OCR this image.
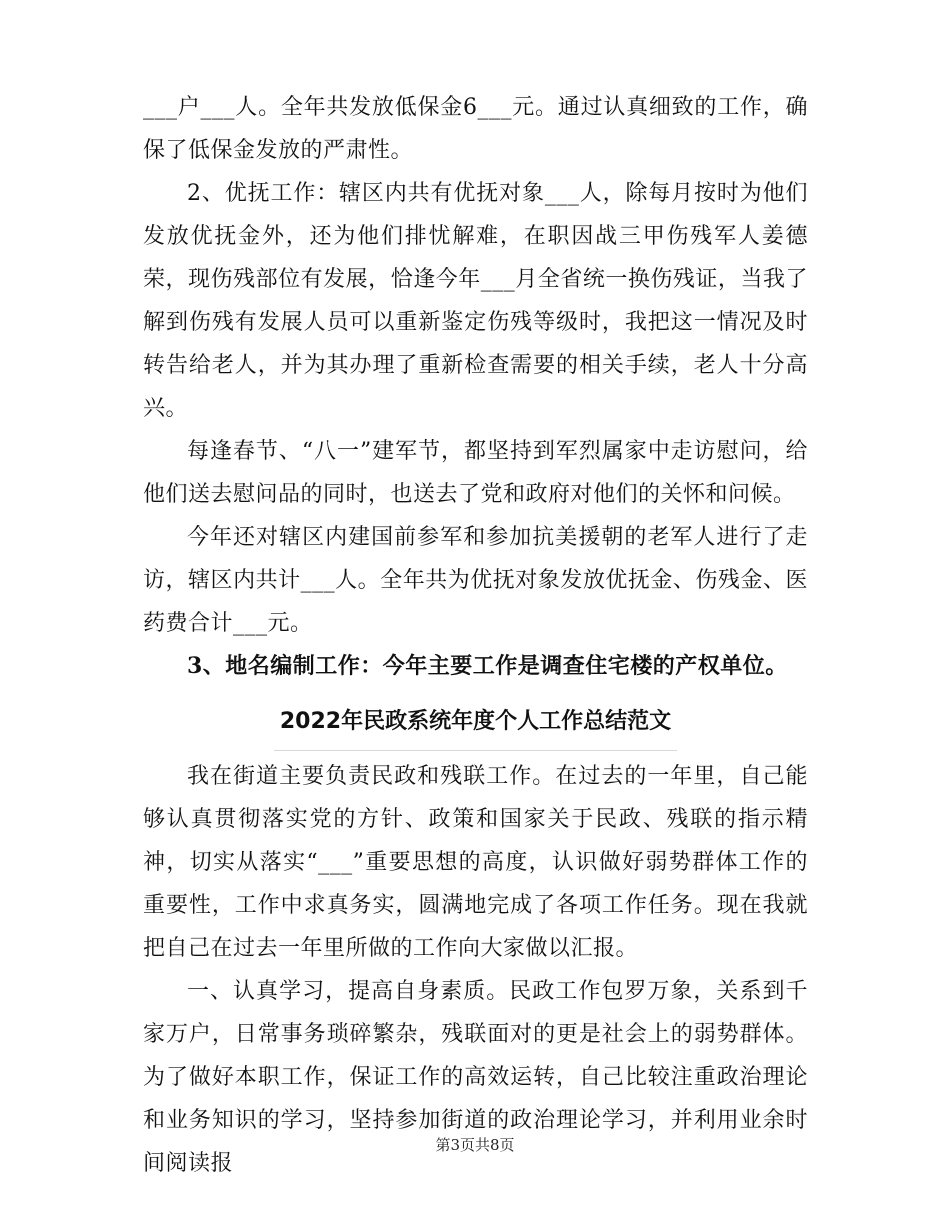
___户___人。全年共发放低保金6___元。通过认真细致的工作，确保了低保金发放的严肃性。

2、优抚工作：辖区内共有优抚对象___人，除每月按时为他们发放优抚金外，还为他们排忧解难，在职因战三甲伤残军人姜德荣，现伤残部位有发展，恰逢今年___月全省统一换伤残证，当我了解到伤残有发展人员可以重新鉴定伤残等级时，我把这一情况及时转告给老人，并为其办理了重新检查需要的相关手续，老人十分高兴。

每逢春节、“八一”建军节，都坚持到军烈属家中走访慰问，给他们送去慰问品的同时，也送去了党和政府对他们的关怀和问候。

今年还对辖区内建国前参军和参加抗美援朝的老军人进行了走访，辖区内共计___人。全年共为优抚对象发放优抚金、伤残金、医药费合计___元。

3、地名编制工作：今年主要工作是调查住宅楼的产权单位。

2022年民政系统年度个人工作总结范文

我在街道主要负责民政和残联工作。在过去的一年里，自己能够认真贯彻落实党的方针、政策和国家关于民政、残联的指示精神，切实从落实“___”重要思想的高度，认识做好弱势群体工作的重要性，工作中求真务实，圆满地完成了各项工作任务。现在我就把自己在过去一年里所做的工作向大家做以汇报。

一、认真学习，提高自身素质。民政工作包罗万象，关系到千家万户，日常事务琐碎繁杂，残联面对的更是社会上的弱势群体。为了做好本职工作，保证工作的高效运转，自己比较注重政治理论和业务知识的学习，坚持参加街道的政治理论学习，并利用业余时间阅读报

第3页共8页
